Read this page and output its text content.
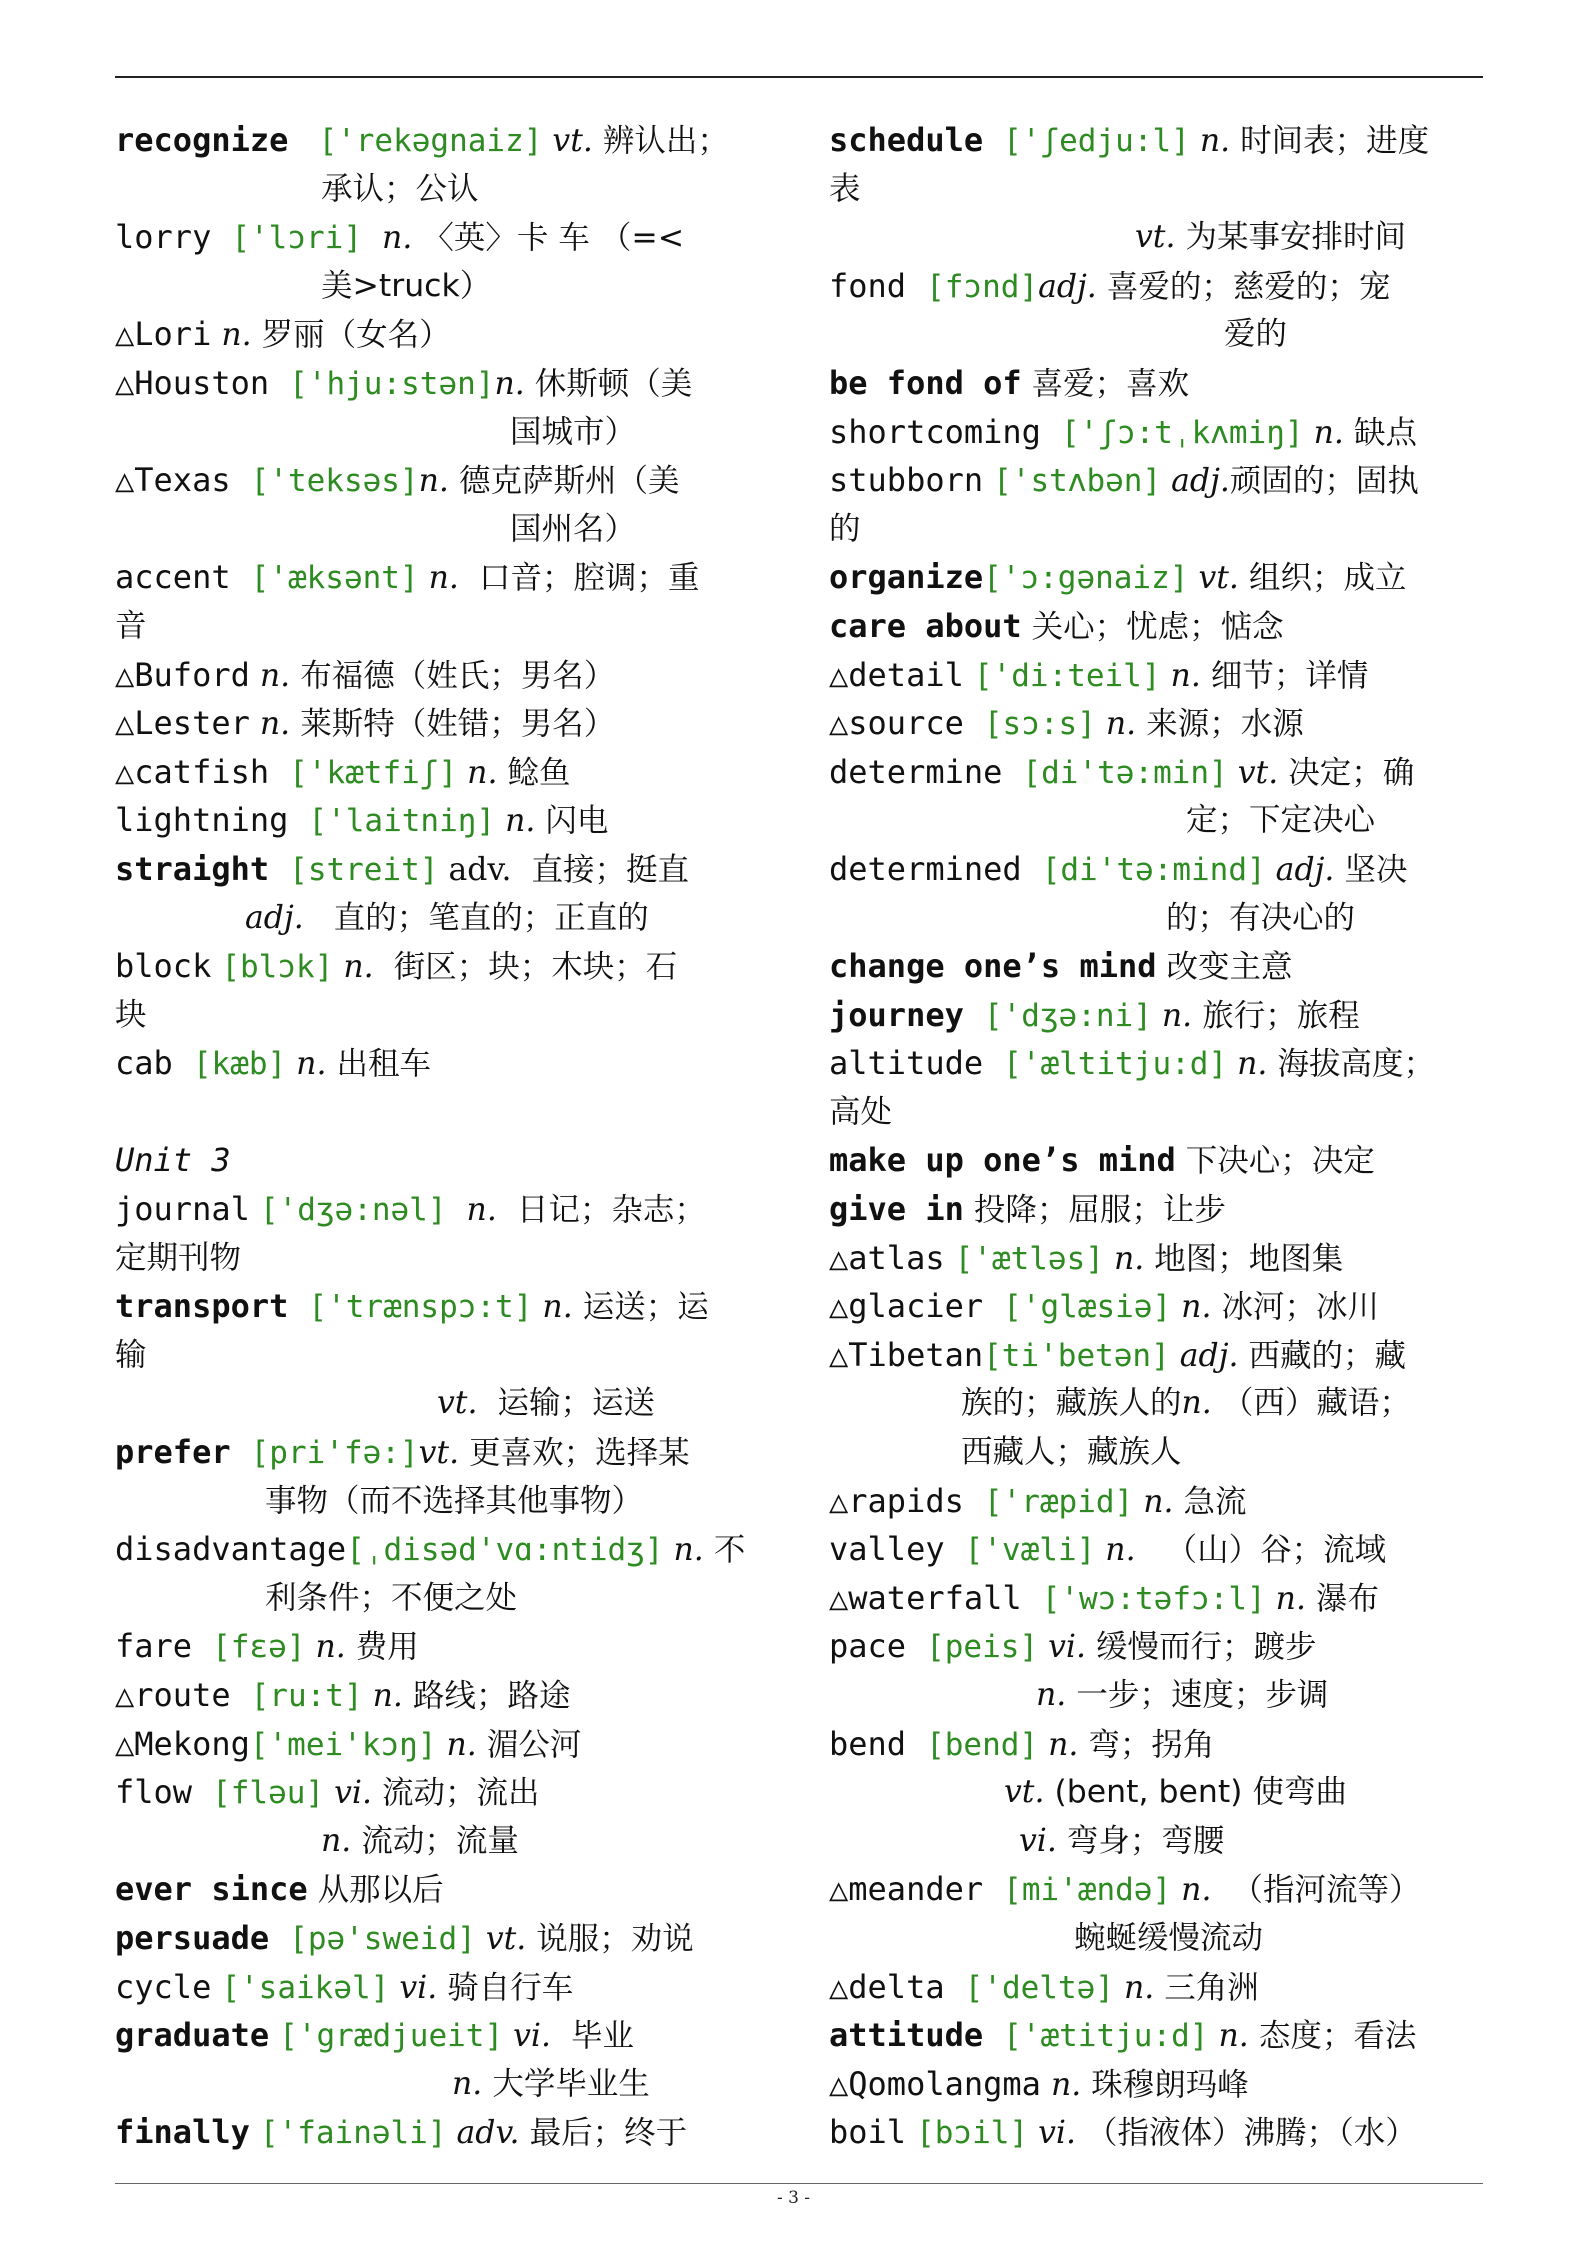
recognize ['rekəgnaiz] vt. 辨认出；
承认；公认
lorry ['lɔri] n. 〈英〉卡 车 （=<
美>truck）
△Lori n. 罗丽（女名）
△Houston ['hju:stən]n. 休斯顿（美
国城市）
△Texas ['teksəs]n. 德克萨斯州（美
国州名）
accent ['æksənt] n. 口音；腔调；重
音
△Buford n. 布福德（姓氏；男名）
△Lester n. 莱斯特（姓错；男名）
△catfish ['kætfiʃ] n. 鲶鱼
lightning ['laitniŋ] n. 闪电
straight [streit] adv. 直接；挺直
adj. 直的；笔直的；正直的
block [blɔk] n. 街区；块；木块；石
块
cab [kæb] n. 出租车
Unit 3
journal ['dʒə:nəl] n. 日记；杂志；
定期刊物
transport ['trænspɔ:t] n. 运送；运
输
vt. 运输；运送
prefer [pri'fə:]vt. 更喜欢；选择某
事物（而不选择其他事物）
disadvantage[ˌdisəd'vɑ:ntidʒ] n. 不
利条件；不便之处
fare [fɛə] n. 费用
△route [ru:t] n. 路线；路途
△Mekong['mei'kɔŋ] n. 湄公河
flow [fləu] vi. 流动；流出
n. 流动；流量
ever since 从那以后
persuade [pə'sweid] vt. 说服；劝说
cycle ['saikəl] vi. 骑自行车
graduate ['grædjueit] vi. 毕业
n. 大学毕业生
finally ['fainəli] adv. 最后；终于
schedule ['ʃedju:l] n. 时间表；进度
表
vt. 为某事安排时间
fond [fɔnd]adj. 喜爱的；慈爱的；宠
爱的
be fond of 喜爱；喜欢
shortcoming ['ʃɔ:tˌkʌmiŋ] n. 缺点
stubborn ['stʌbən] adj.顽固的；固执
的
organize['ɔ:gənaiz] vt. 组织；成立
care about 关心；忧虑；惦念
△detail ['di:teil] n. 细节；详情
△source [sɔ:s] n. 来源；水源
determine [di'tə:min] vt. 决定；确
定；下定决心
determined [di'tə:mind] adj. 坚决
的；有决心的
change one’s mind 改变主意
journey ['dʒə:ni] n. 旅行；旅程
altitude ['æltitju:d] n. 海拔高度；
高处
make up one’s mind 下决心；决定
give in 投降；屈服；让步
△atlas ['ætləs] n. 地图；地图集
△glacier ['glæsiə] n. 冰河；冰川
△Tibetan[ti'betən] adj. 西藏的；藏
族的；藏族人的n. （西）藏语；
西藏人；藏族人
△rapids ['ræpid] n. 急流
valley ['væli] n. （山）谷；流域
△waterfall ['wɔ:təfɔ:l] n. 瀑布
pace [peis] vi. 缓慢而行；踱步
n. 一步；速度；步调
bend [bend] n. 弯；拐角
vt. (bent, bent) 使弯曲
vi. 弯身；弯腰
△meander [mi'ændə] n. （指河流等）
蜿蜒缓慢流动
△delta ['deltə] n. 三角洲
attitude ['ætitju:d] n. 态度；看法
△Qomolangma n. 珠穆朗玛峰
boil [bɔil] vi. （指液体）沸腾；（水）
- 3 -
